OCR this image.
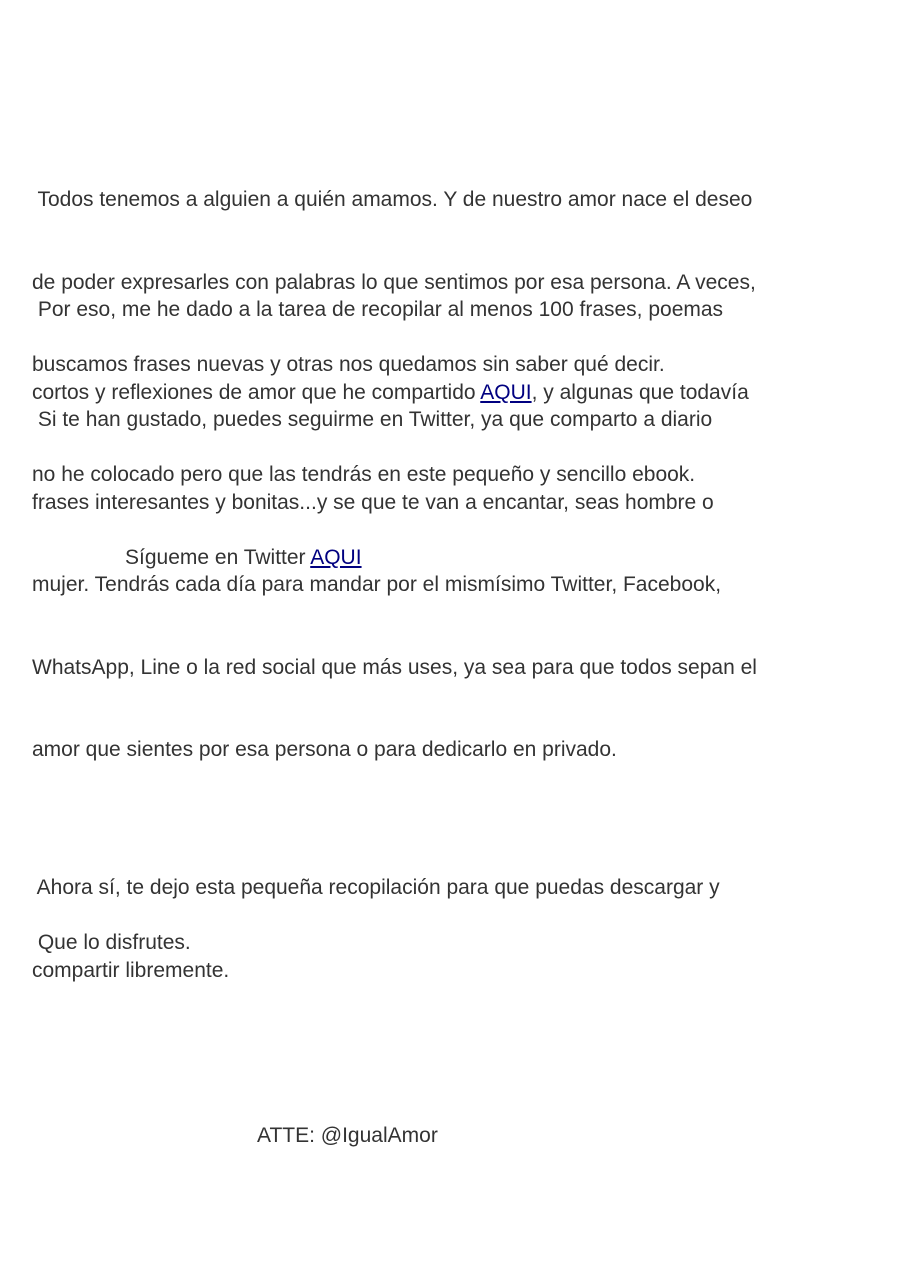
Todos tenemos a alguien a quién amamos. Y de nuestro amor nace el deseo

de poder expresarles con palabras lo que sentimos por esa persona. A veces,

buscamos frases nuevas y otras nos quedamos sin saber qué decir.

Por eso, me he dado a la tarea de recopilar al menos 100 frases, poemas

cortos y reflexiones de amor que he compartido AQUI, y algunas que todavía

no he colocado pero que las tendrás en este pequeño y sencillo ebook.

Si te han gustado, puedes seguirme en Twitter, ya que comparto a diario

frases interesantes y bonitas...y se que te van a encantar, seas hombre o

mujer. Tendrás cada día para mandar por el mismísimo Twitter, Facebook,

WhatsApp, Line o la red social que más uses, ya sea para que todos sepan el

amor que sientes por esa persona o para dedicarlo en privado.

Sígueme en Twitter AQUI

Ahora sí, te dejo esta pequeña recopilación para que puedas descargar y

compartir libremente.

Que lo disfrutes.
ATTE: @IgualAmor
